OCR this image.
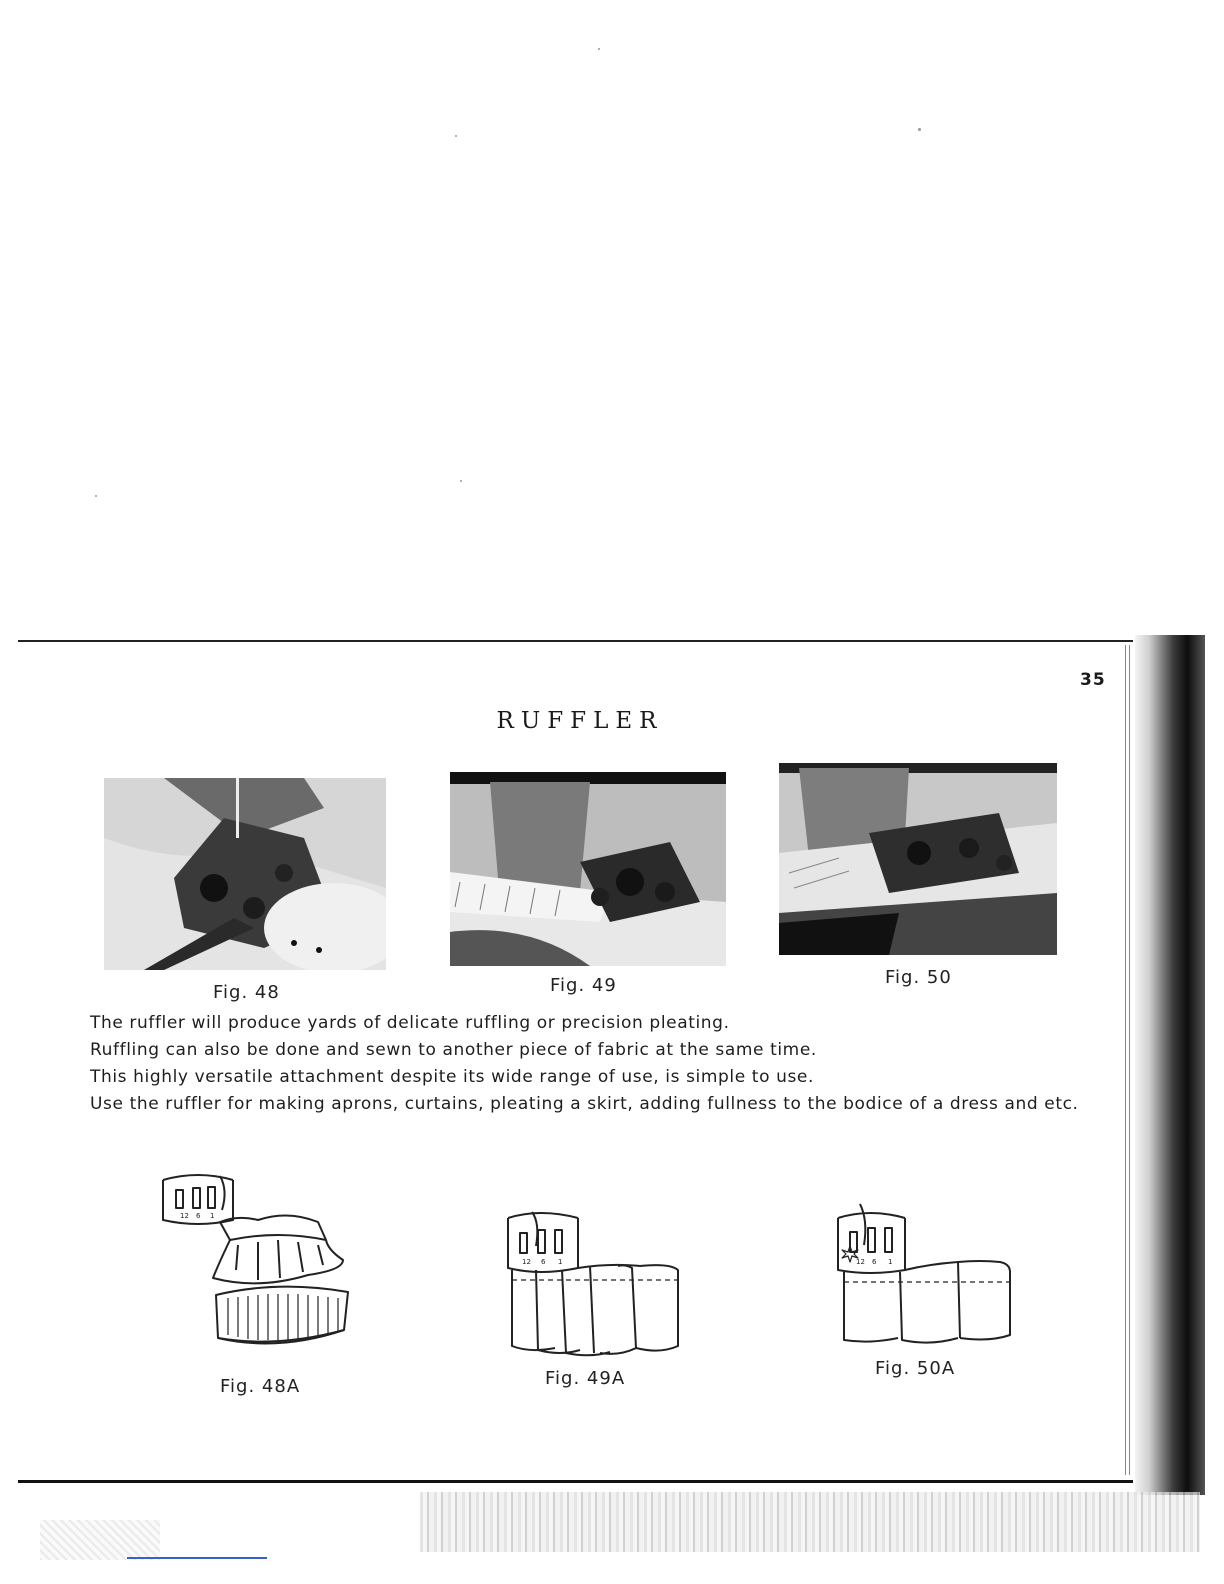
35
RUFFLER
Fig. 48	Fig. 49	Fig. 50

The ruffler will produce yards of delicate ruffling or precision pleating.

Ruffling can also be done and sewn to another piece of fabric at the same time.

This highly versatile attachment despite its wide range of use, is simple to use.

Use the ruffler for making aprons, curtains, pleating a skirt, adding fullness to the bodice of a dress and etc.

12 6 1
Fig. 48A
12 6 1
Fig. 49A
12 6 1
Fig. 50A
